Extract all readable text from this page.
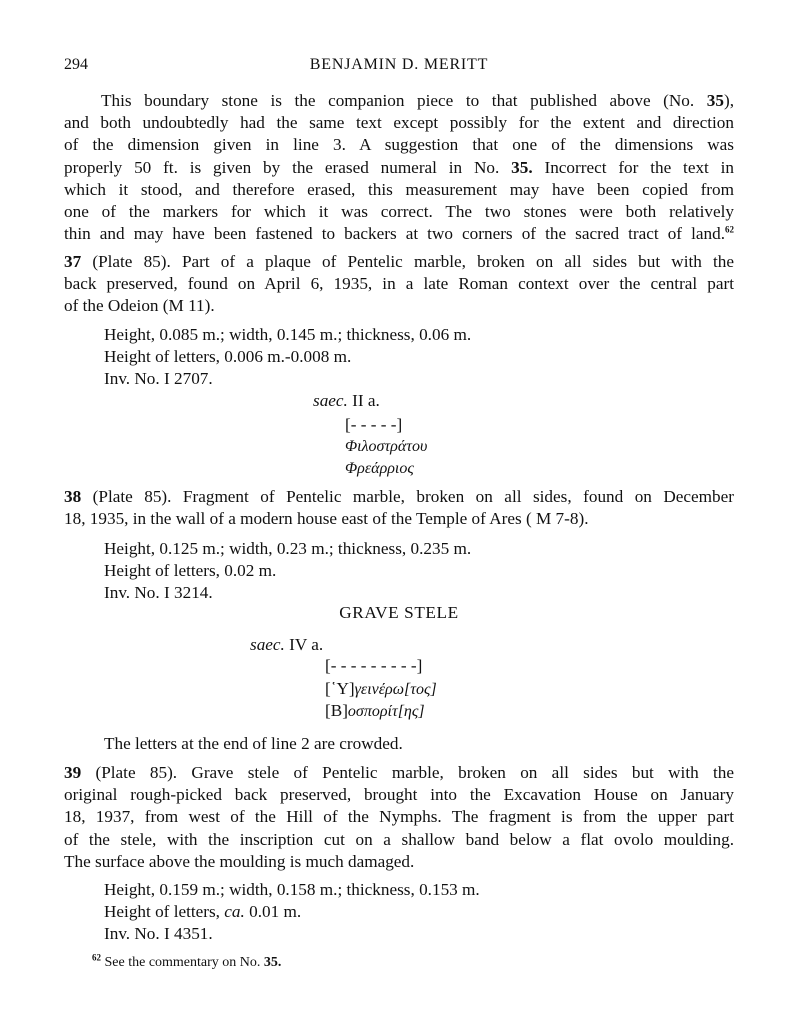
294	BENJAMIN D. MERITT
This boundary stone is the companion piece to that published above (No. 35),
and both undoubtedly had the same text except possibly for the extent and direction
of the dimension given in line 3. A suggestion that one of the dimensions was
properly 50 ft. is given by the erased numeral in No. 35. Incorrect for the text in
which it stood, and therefore erased, this measurement may have been copied from
one of the markers for which it was correct. The two stones were both relatively
thin and may have been fastened to backers at two corners of the sacred tract of land.$^{62}$
37 (Plate 85). Part of a plaque of Pentelic marble, broken on all sides but with the
back preserved, found on April 6, 1935, in a late Roman context over the central part
of the Odeion (M 11).
Height, 0.085 m.; width, 0.145 m.; thickness, 0.06 m.
Height of letters, 0.006 m.-0.008 m.
Inv. No. I 2707.
saec. II a.
[- - - - -]
Φιλοστράτου
Φρεάρριος
38 (Plate 85). Fragment of Pentelic marble, broken on all sides, found on December
18, 1935, in the wall of a modern house east of the Temple of Ares ( M 7-8).
Height, 0.125 m.; width, 0.23 m.; thickness, 0.235 m.
Height of letters, 0.02 m.
Inv. No. I 3214.
GRAVE STELE
saec. IV a.
[- - - - - - - - -]
[῾Υ]γεινέρω[τος]
[Β]οσπορίτ[ης]
The letters at the end of line 2 are crowded.
39 (Plate 85). Grave stele of Pentelic marble, broken on all sides but with the
original rough-picked back preserved, brought into the Excavation House on January
18, 1937, from west of the Hill of the Nymphs. The fragment is from the upper part
of the stele, with the inscription cut on a shallow band below a flat ovolo moulding.
The surface above the moulding is much damaged.
Height, 0.159 m.; width, 0.158 m.; thickness, 0.153 m.
Height of letters, ca. 0.01 m.
Inv. No. I 4351.
$^{62}$ See the commentary on No. 35.
